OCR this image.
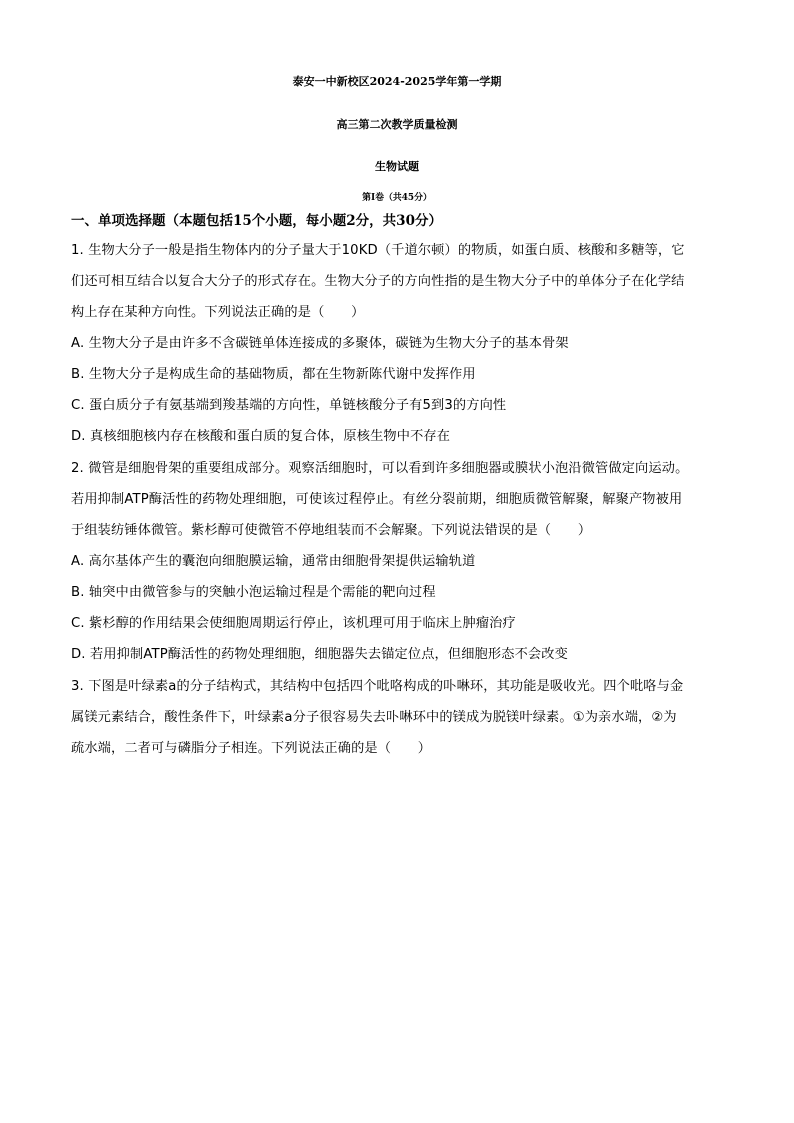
泰安一中新校区2024-2025学年第一学期
高三第二次教学质量检测
生物试题
第Ⅰ卷（共45分）
一、单项选择题（本题包括15个小题，每小题2分，共30分）
1. 生物大分子一般是指生物体内的分子量大于10KD（千道尔顿）的物质，如蛋白质、核酸和多糖等，它
们还可相互结合以复合大分子的形式存在。生物大分子的方向性指的是生物大分子中的单体分子在化学结
构上存在某种方向性。下列说法正确的是（　　）
A. 生物大分子是由许多不含碳链单体连接成的多聚体，碳链为生物大分子的基本骨架
B. 生物大分子是构成生命的基础物质，都在生物新陈代谢中发挥作用
C. 蛋白质分子有氨基端到羧基端的方向性，单链核酸分子有5到3的方向性
D. 真核细胞核内存在核酸和蛋白质的复合体，原核生物中不存在
2. 微管是细胞骨架的重要组成部分。观察活细胞时，可以看到许多细胞器或膜状小泡沿微管做定向运动。
若用抑制ATP酶活性的药物处理细胞，可使该过程停止。有丝分裂前期，细胞质微管解聚，解聚产物被用
于组装纺锤体微管。紫杉醇可使微管不停地组装而不会解聚。下列说法错误的是（　　）
A. 高尔基体产生的囊泡向细胞膜运输，通常由细胞骨架提供运输轨道
B. 轴突中由微管参与的突触小泡运输过程是个需能的靶向过程
C. 紫杉醇的作用结果会使细胞周期运行停止，该机理可用于临床上肿瘤治疗
D. 若用抑制ATP酶活性的药物处理细胞，细胞器失去锚定位点，但细胞形态不会改变
3. 下图是叶绿素a的分子结构式，其结构中包括四个吡咯构成的卟啉环，其功能是吸收光。四个吡咯与金
属镁元素结合，酸性条件下，叶绿素a分子很容易失去卟啉环中的镁成为脱镁叶绿素。①为亲水端，②为
疏水端，二者可与磷脂分子相连。下列说法正确的是（　　）
